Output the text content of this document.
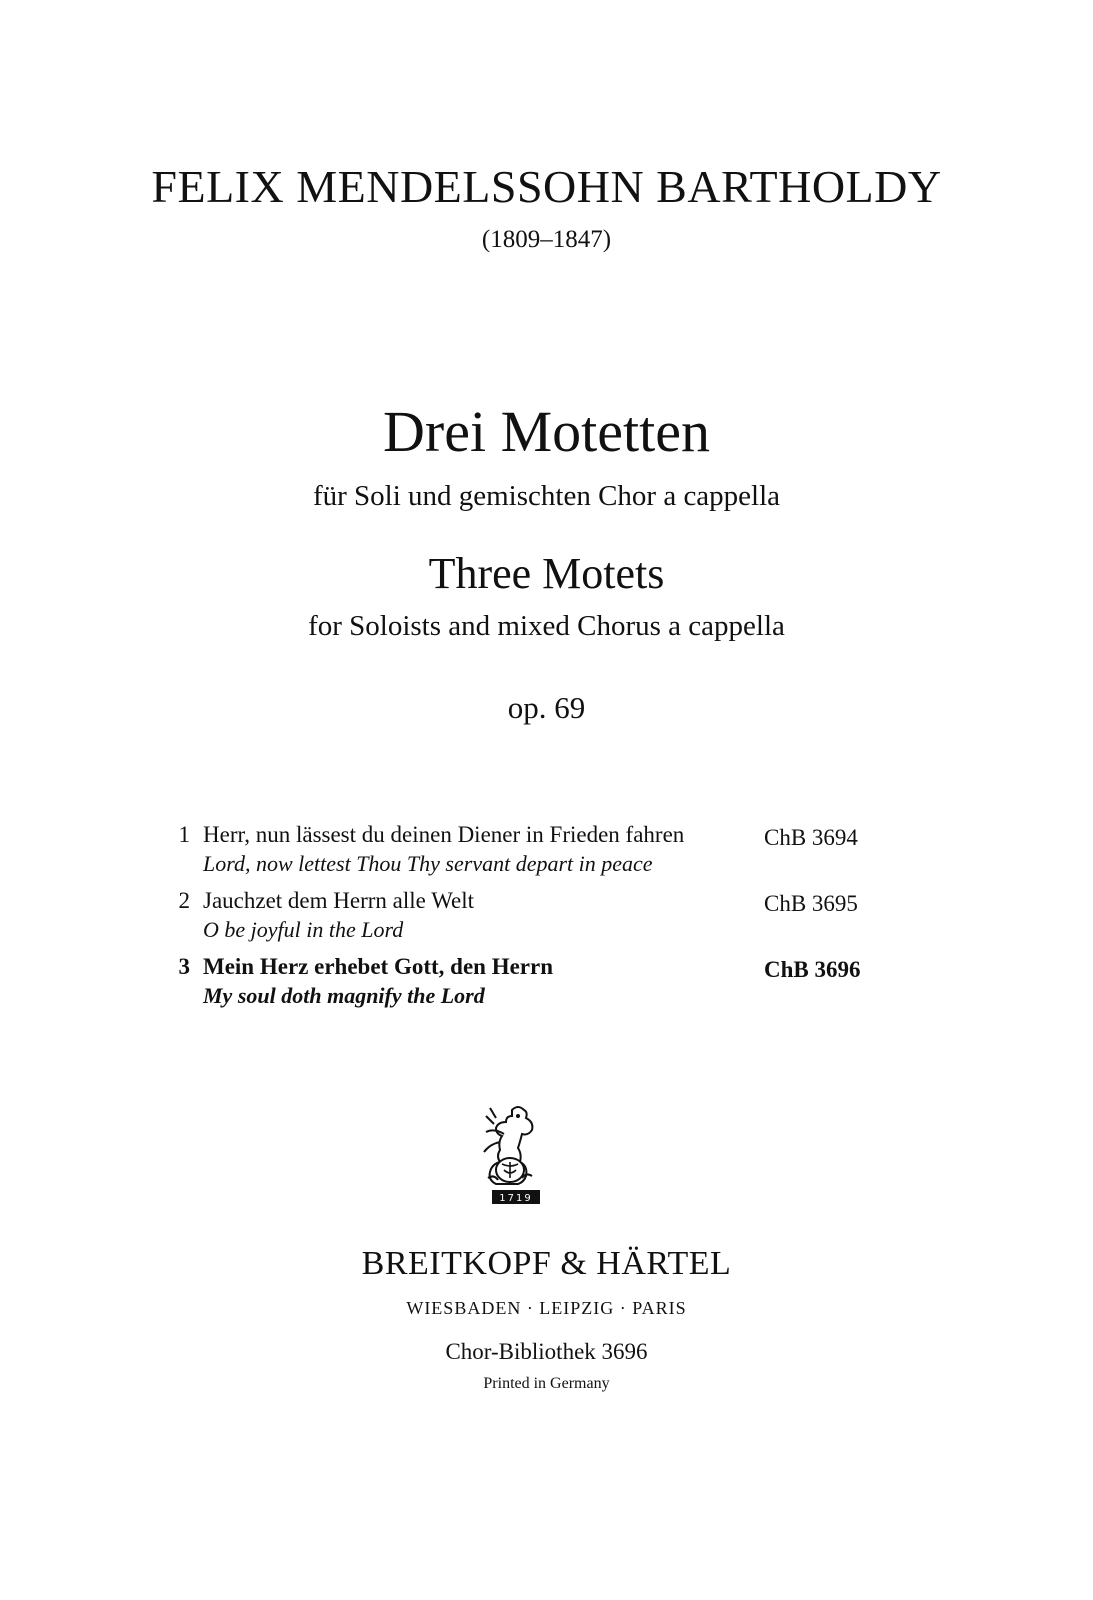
FELIX MENDELSSOHN BARTHOLDY
(1809–1847)
Drei Motetten
für Soli und gemischten Chor a cappella
Three Motets
for Soloists and mixed Chorus a cappella
op. 69
1 Herr, nun lässest du deinen Diener in Frieden fahren
Lord, now lettest Thou Thy servant depart in peace
ChB 3694
2 Jauchzet dem Herrn alle Welt
O be joyful in the Lord
ChB 3695
3 Mein Herz erhebet Gott, den Herrn
My soul doth magnify the Lord
ChB 3696
1719
BREITKOPF & HÄRTEL
WIESBADEN · LEIPZIG · PARIS
Chor-Bibliothek 3696
Printed in Germany
